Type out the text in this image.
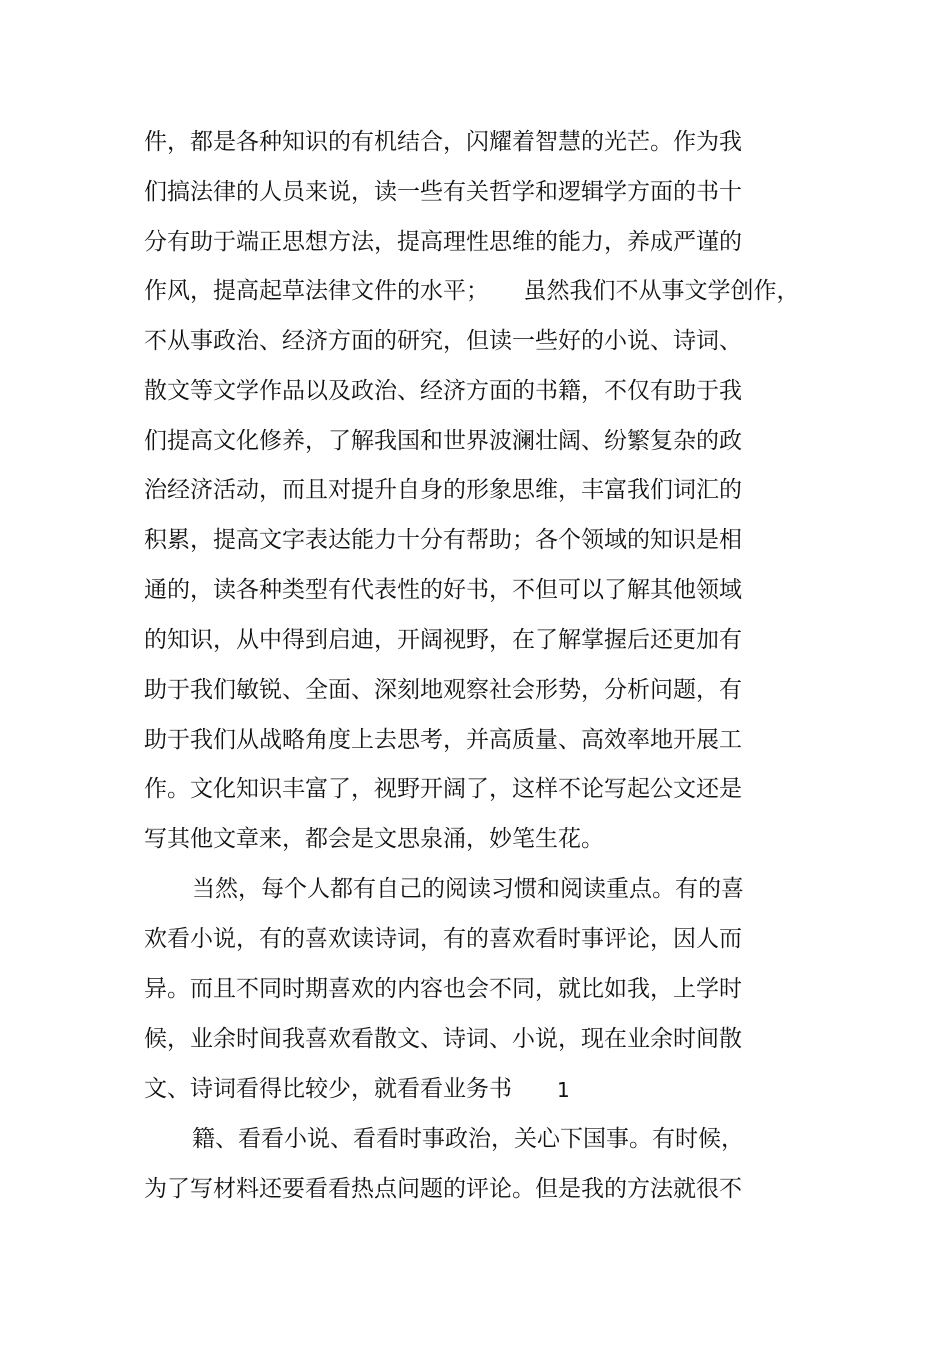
件，都是各种知识的有机结合，闪耀着智慧的光芒。作为我
们搞法律的人员来说，读一些有关哲学和逻辑学方面的书十
分有助于端正思想方法，提高理性思维的能力，养成严谨的
作风，提高起草法律文件的水平；　　虽然我们不从事文学创作，
不从事政治、经济方面的研究，但读一些好的小说、诗词、
散文等文学作品以及政治、经济方面的书籍，不仅有助于我
们提高文化修养，了解我国和世界波澜壮阔、纷繁复杂的政
治经济活动，而且对提升自身的形象思维，丰富我们词汇的
积累，提高文字表达能力十分有帮助；各个领域的知识是相
通的，读各种类型有代表性的好书，不但可以了解其他领域
的知识，从中得到启迪，开阔视野，在了解掌握后还更加有
助于我们敏锐、全面、深刻地观察社会形势，分析问题，有
助于我们从战略角度上去思考，并高质量、高效率地开展工
作。文化知识丰富了，视野开阔了，这样不论写起公文还是
写其他文章来，都会是文思泉涌，妙笔生花。
当然，每个人都有自己的阅读习惯和阅读重点。有的喜
欢看小说，有的喜欢读诗词，有的喜欢看时事评论，因人而
异。而且不同时期喜欢的内容也会不同，就比如我，上学时
候，业余时间我喜欢看散文、诗词、小说，现在业余时间散
文、诗词看得比较少，就看看业务书 1
籍、看看小说、看看时事政治，关心下国事。有时候，
为了写材料还要看看热点问题的评论。但是我的方法就很不
